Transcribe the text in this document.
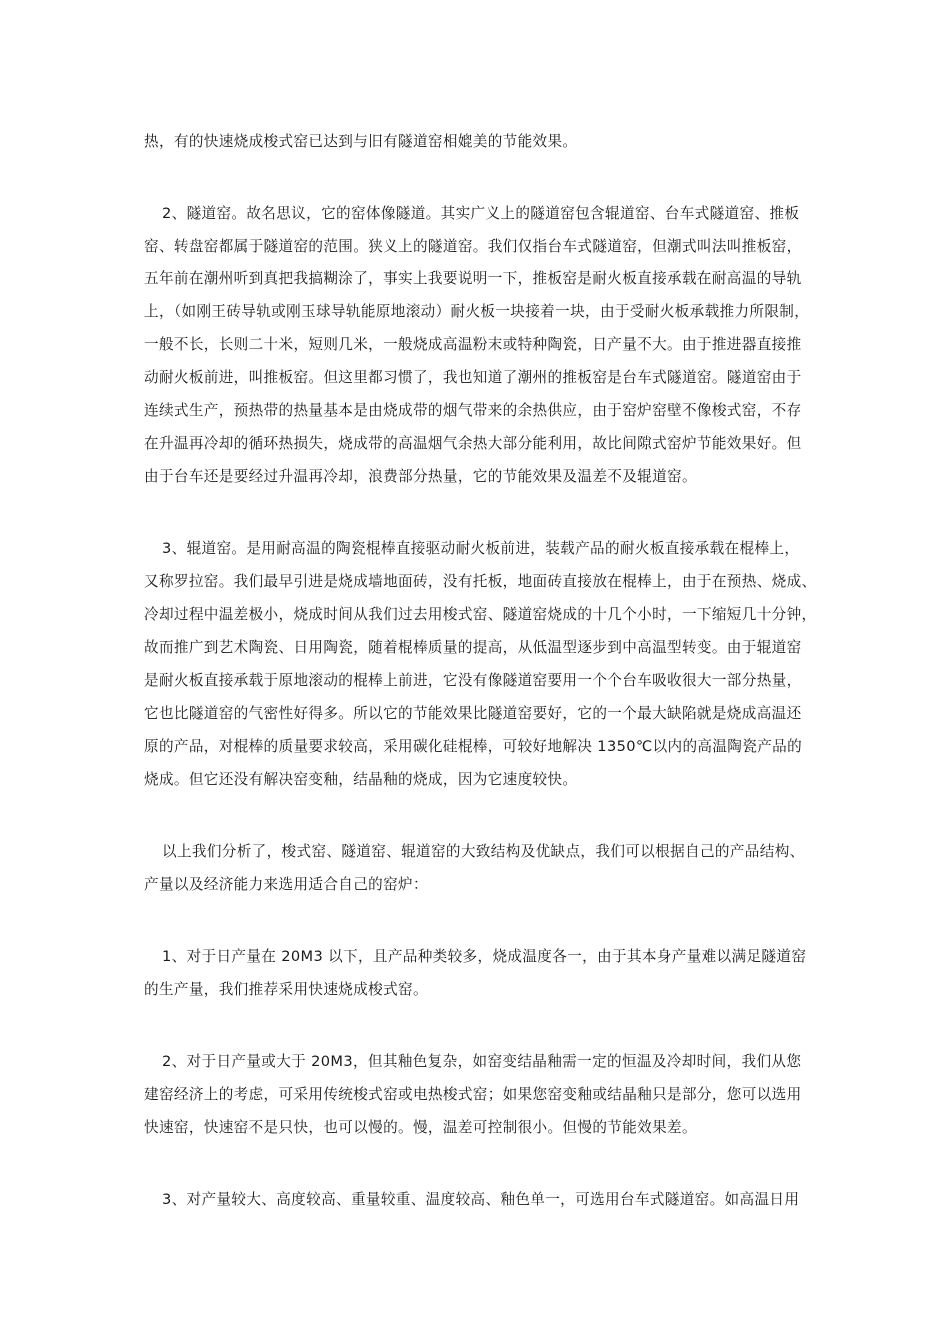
热，有的快速烧成梭式窑已达到与旧有隧道窑相媲美的节能效果。
2、隧道窑。故名思议，它的窑体像隧道。其实广义上的隧道窑包含辊道窑、台车式隧道窑、推板
窑、转盘窑都属于隧道窑的范围。狭义上的隧道窑。我们仅指台车式隧道窑，但潮式叫法叫推板窑，
五年前在潮州听到真把我搞糊涂了，事实上我要说明一下，推板窑是耐火板直接承载在耐高温的导轨
上，（如刚王砖导轨或刚玉球导轨能原地滚动）耐火板一块接着一块，由于受耐火板承载推力所限制，
一般不长，长则二十米，短则几米，一般烧成高温粉末或特种陶瓷，日产量不大。由于推进器直接推
动耐火板前进，叫推板窑。但这里都习惯了，我也知道了潮州的推板窑是台车式隧道窑。隧道窑由于
连续式生产，预热带的热量基本是由烧成带的烟气带来的余热供应，由于窑炉窑壁不像梭式窑，不存
在升温再冷却的循环热损失，烧成带的高温烟气余热大部分能利用，故比间隙式窑炉节能效果好。但
由于台车还是要经过升温再冷却，浪费部分热量，它的节能效果及温差不及辊道窑。
3、辊道窑。是用耐高温的陶瓷棍棒直接驱动耐火板前进，装载产品的耐火板直接承载在棍棒上，
又称罗拉窑。我们最早引进是烧成墙地面砖，没有托板，地面砖直接放在棍棒上，由于在预热、烧成、
冷却过程中温差极小，烧成时间从我们过去用梭式窑、隧道窑烧成的十几个小时，一下缩短几十分钟，
故而推广到艺术陶瓷、日用陶瓷，随着棍棒质量的提高，从低温型逐步到中高温型转变。由于辊道窑
是耐火板直接承载于原地滚动的棍棒上前进，它没有像隧道窑要用一个个台车吸收很大一部分热量，
它也比隧道窑的气密性好得多。所以它的节能效果比隧道窑要好，它的一个最大缺陷就是烧成高温还
原的产品，对棍棒的质量要求较高，采用碳化硅棍棒，可较好地解决 1350℃以内的高温陶瓷产品的
烧成。但它还没有解决窑变釉，结晶釉的烧成，因为它速度较快。
以上我们分析了，梭式窑、隧道窑、辊道窑的大致结构及优缺点，我们可以根据自己的产品结构、
产量以及经济能力来选用适合自己的窑炉：
1、对于日产量在 20M3 以下，且产品种类较多，烧成温度各一，由于其本身产量难以满足隧道窑
的生产量，我们推荐采用快速烧成梭式窑。
2、对于日产量或大于 20M3，但其釉色复杂，如窑变结晶釉需一定的恒温及冷却时间，我们从您
建窑经济上的考虑，可采用传统梭式窑或电热梭式窑；如果您窑变釉或结晶釉只是部分，您可以选用
快速窑，快速窑不是只快，也可以慢的。慢，温差可控制很小。但慢的节能效果差。
3、对产量较大、高度较高、重量较重、温度较高、釉色单一，可选用台车式隧道窑。如高温日用
